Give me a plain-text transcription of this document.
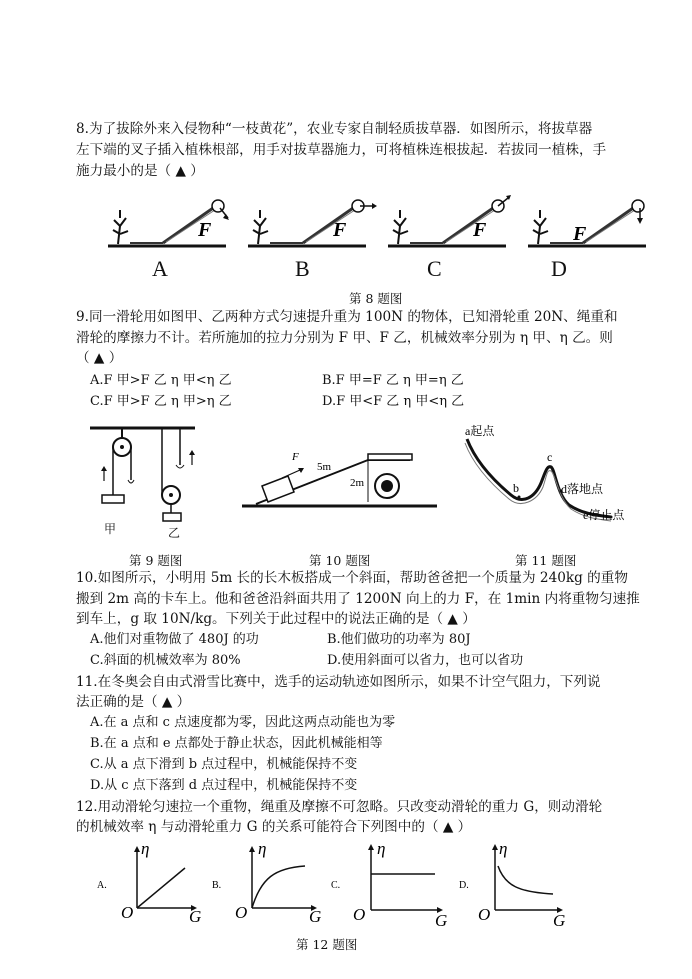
8.为了拔除外来入侵物种“一枝黄花”，农业专家自制轻质拔草器．如图所示，将拔草器
左下端的叉子插入植株根部，用手对拔草器施力，可将植株连根拔起．若拔同一植株，手
施力最小的是（ ▲ ）
F	F	F	F
A	B	C	D
第 8 题图
9.同一滑轮用如图甲、乙两种方式匀速提升重为 100N 的物体，已知滑轮重 20N、绳重和
滑轮的摩擦力不计。若所施加的拉力分别为 F 甲、F 乙，机械效率分别为 η 甲、η 乙。则
（ ▲ ）
A.F 甲>F 乙 η 甲<η 乙	B.F 甲=F 乙 η 甲=η 乙
C.F 甲>F 乙 η 甲>η 乙	D.F 甲<F 乙 η 甲<η 乙
甲	乙
F
5m
2m
a起点
b
c
d落地点
e停止点
第 9 题图	第 10 题图	第 11 题图
10.如图所示，小明用 5m 长的长木板搭成一个斜面，帮助爸爸把一个质量为 240kg 的重物
搬到 2m 高的卡车上。他和爸爸沿斜面共用了 1200N 向上的力 F，在 1min 内将重物匀速推
到车上，g 取 10N/kg。下列关于此过程中的说法正确的是（ ▲ ）
A.他们对重物做了 480J 的功	B.他们做功的功率为 80J
C.斜面的机械效率为 80%	D.使用斜面可以省力，也可以省功
11.在冬奥会自由式滑雪比赛中，选手的运动轨迹如图所示，如果不计空气阻力，下列说
法正确的是（ ▲ ）
A.在 a 点和 c 点速度都为零，因此这两点动能也为零
B.在 a 点和 e 点都处于静止状态，因此机械能相等
C.从 a 点下滑到 b 点过程中，机械能保持不变
D.从 c 点下落到 d 点过程中，机械能保持不变
12.用动滑轮匀速拉一个重物，绳重及摩擦不可忽略。只改变动滑轮的重力 G，则动滑轮
的机械效率 η 与动滑轮重力 G 的关系可能符合下列图中的（ ▲ ）
A.
η
O	G
B.
η
O	G
C.
η
O	G
D.
η
O	G
第 12 题图
